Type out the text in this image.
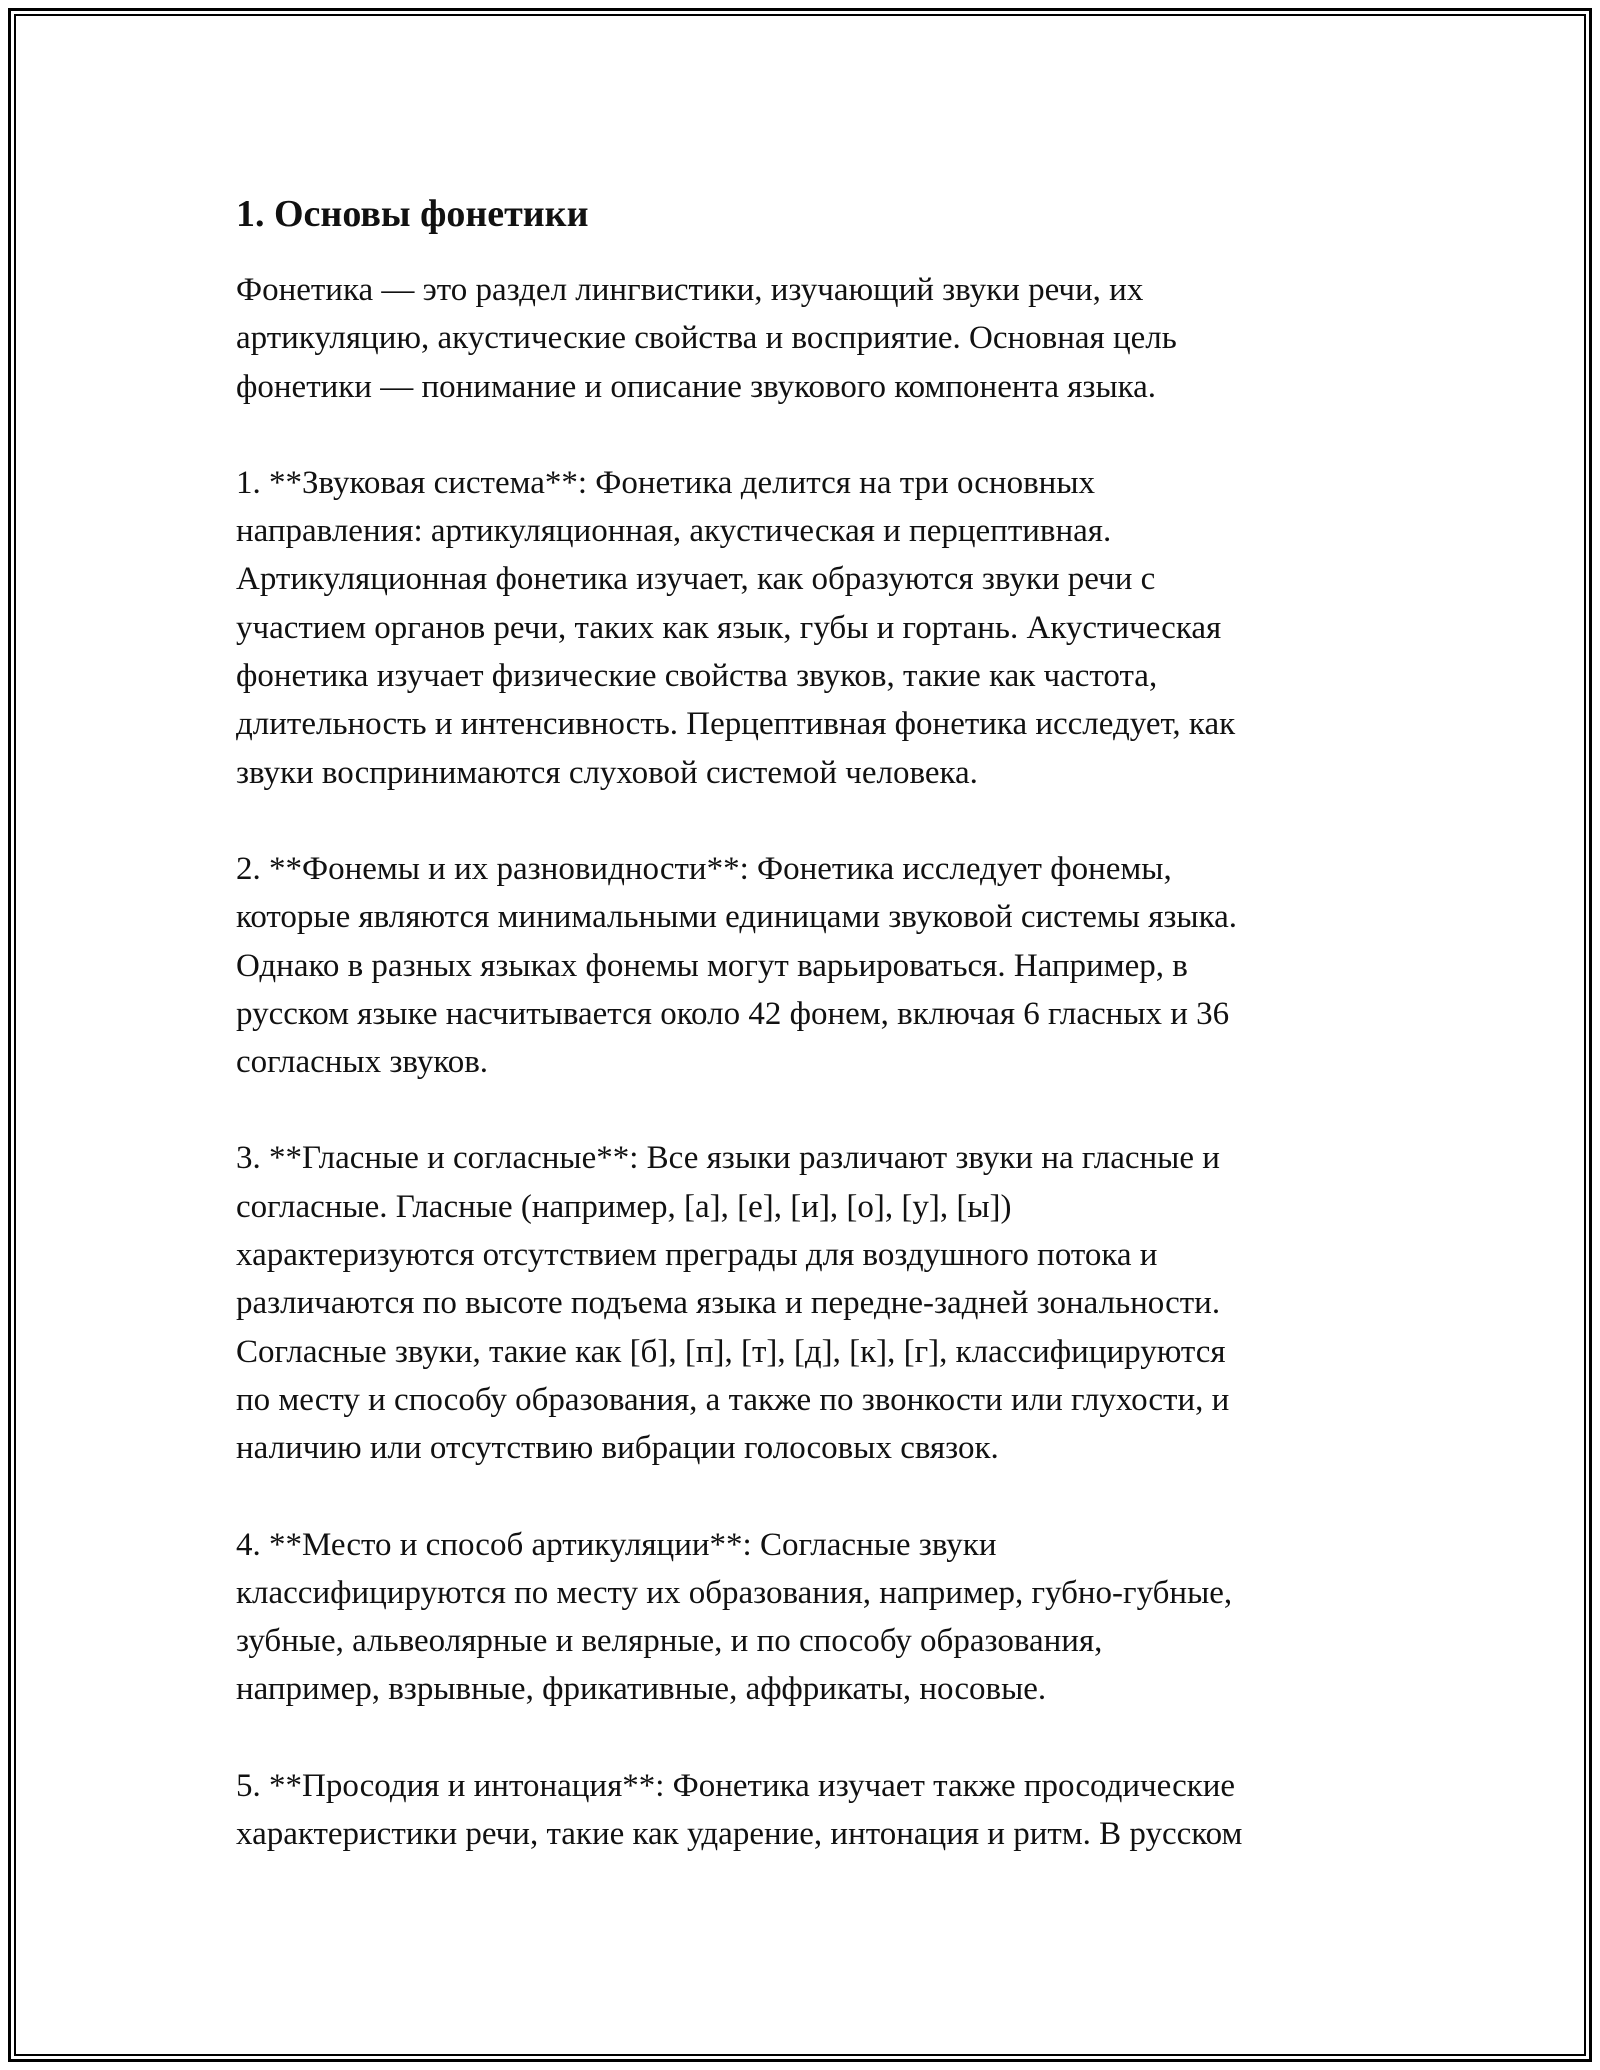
1. Основы фонетики

Фонетика — это раздел лингвистики, изучающий звуки речи, их
артикуляцию, акустические свойства и восприятие. Основная цель
фонетики — понимание и описание звукового компонента языка.

1. **Звуковая система**: Фонетика делится на три основных
направления: артикуляционная, акустическая и перцептивная.
Артикуляционная фонетика изучает, как образуются звуки речи с
участием органов речи, таких как язык, губы и гортань. Акустическая
фонетика изучает физические свойства звуков, такие как частота,
длительность и интенсивность. Перцептивная фонетика исследует, как
звуки воспринимаются слуховой системой человека.

2. **Фонемы и их разновидности**: Фонетика исследует фонемы,
которые являются минимальными единицами звуковой системы языка.
Однако в разных языках фонемы могут варьироваться. Например, в
русском языке насчитывается около 42 фонем, включая 6 гласных и 36
согласных звуков.

3. **Гласные и согласные**: Все языки различают звуки на гласные и
согласные. Гласные (например, [а], [е], [и], [о], [у], [ы])
характеризуются отсутствием преграды для воздушного потока и
различаются по высоте подъема языка и передне-задней зональности.
Согласные звуки, такие как [б], [п], [т], [д], [к], [г], классифицируются
по месту и способу образования, а также по звонкости или глухости, и
наличию или отсутствию вибрации голосовых связок.

4. **Место и способ артикуляции**: Согласные звуки
классифицируются по месту их образования, например, губно-губные,
зубные, альвеолярные и велярные, и по способу образования,
например, взрывные, фрикативные, аффрикаты, носовые.

5. **Просодия и интонация**: Фонетика изучает также просодические
характеристики речи, такие как ударение, интонация и ритм. В русском
